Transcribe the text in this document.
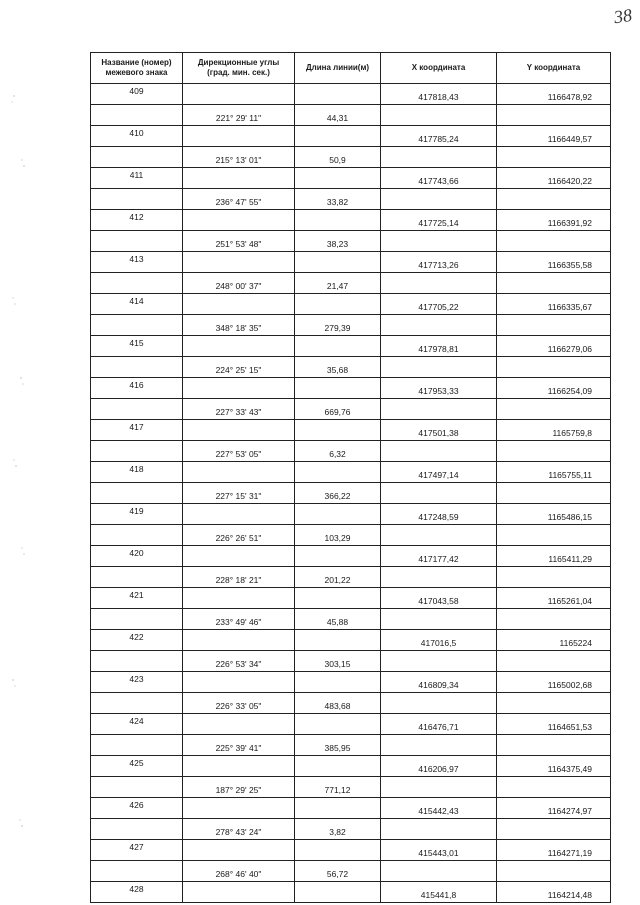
38
Название (номер) межевого знака	Дирекционные углы (град. мин. сек.)	Длина линии(м)	X координата	Y координата
409			417818,43	1166478,92
	221° 29' 11"	44,31		
410			417785,24	1166449,57
	215° 13' 01"	50,9		
411			417743,66	1166420,22
	236° 47' 55"	33,82		
412			417725,14	1166391,92
	251° 53' 48"	38,23		
413			417713,26	1166355,58
	248° 00' 37"	21,47		
414			417705,22	1166335,67
	348° 18' 35"	279,39		
415			417978,81	1166279,06
	224° 25' 15"	35,68		
416			417953,33	1166254,09
	227° 33' 43"	669,76		
417			417501,38	1165759,8
	227° 53' 05"	6,32		
418			417497,14	1165755,11
	227° 15' 31"	366,22		
419			417248,59	1165486,15
	226° 26' 51"	103,29		
420			417177,42	1165411,29
	228° 18' 21"	201,22		
421			417043,58	1165261,04
	233° 49' 46"	45,88		
422			417016,5	1165224
	226° 53' 34"	303,15		
423			416809,34	1165002,68
	226° 33' 05"	483,68		
424			416476,71	1164651,53
	225° 39' 41"	385,95		
425			416206,97	1164375,49
	187° 29' 25"	771,12		
426			415442,43	1164274,97
	278° 43' 24"	3,82		
427			415443,01	1164271,19
	268° 46' 40"	56,72		
428			415441,8	1164214,48
